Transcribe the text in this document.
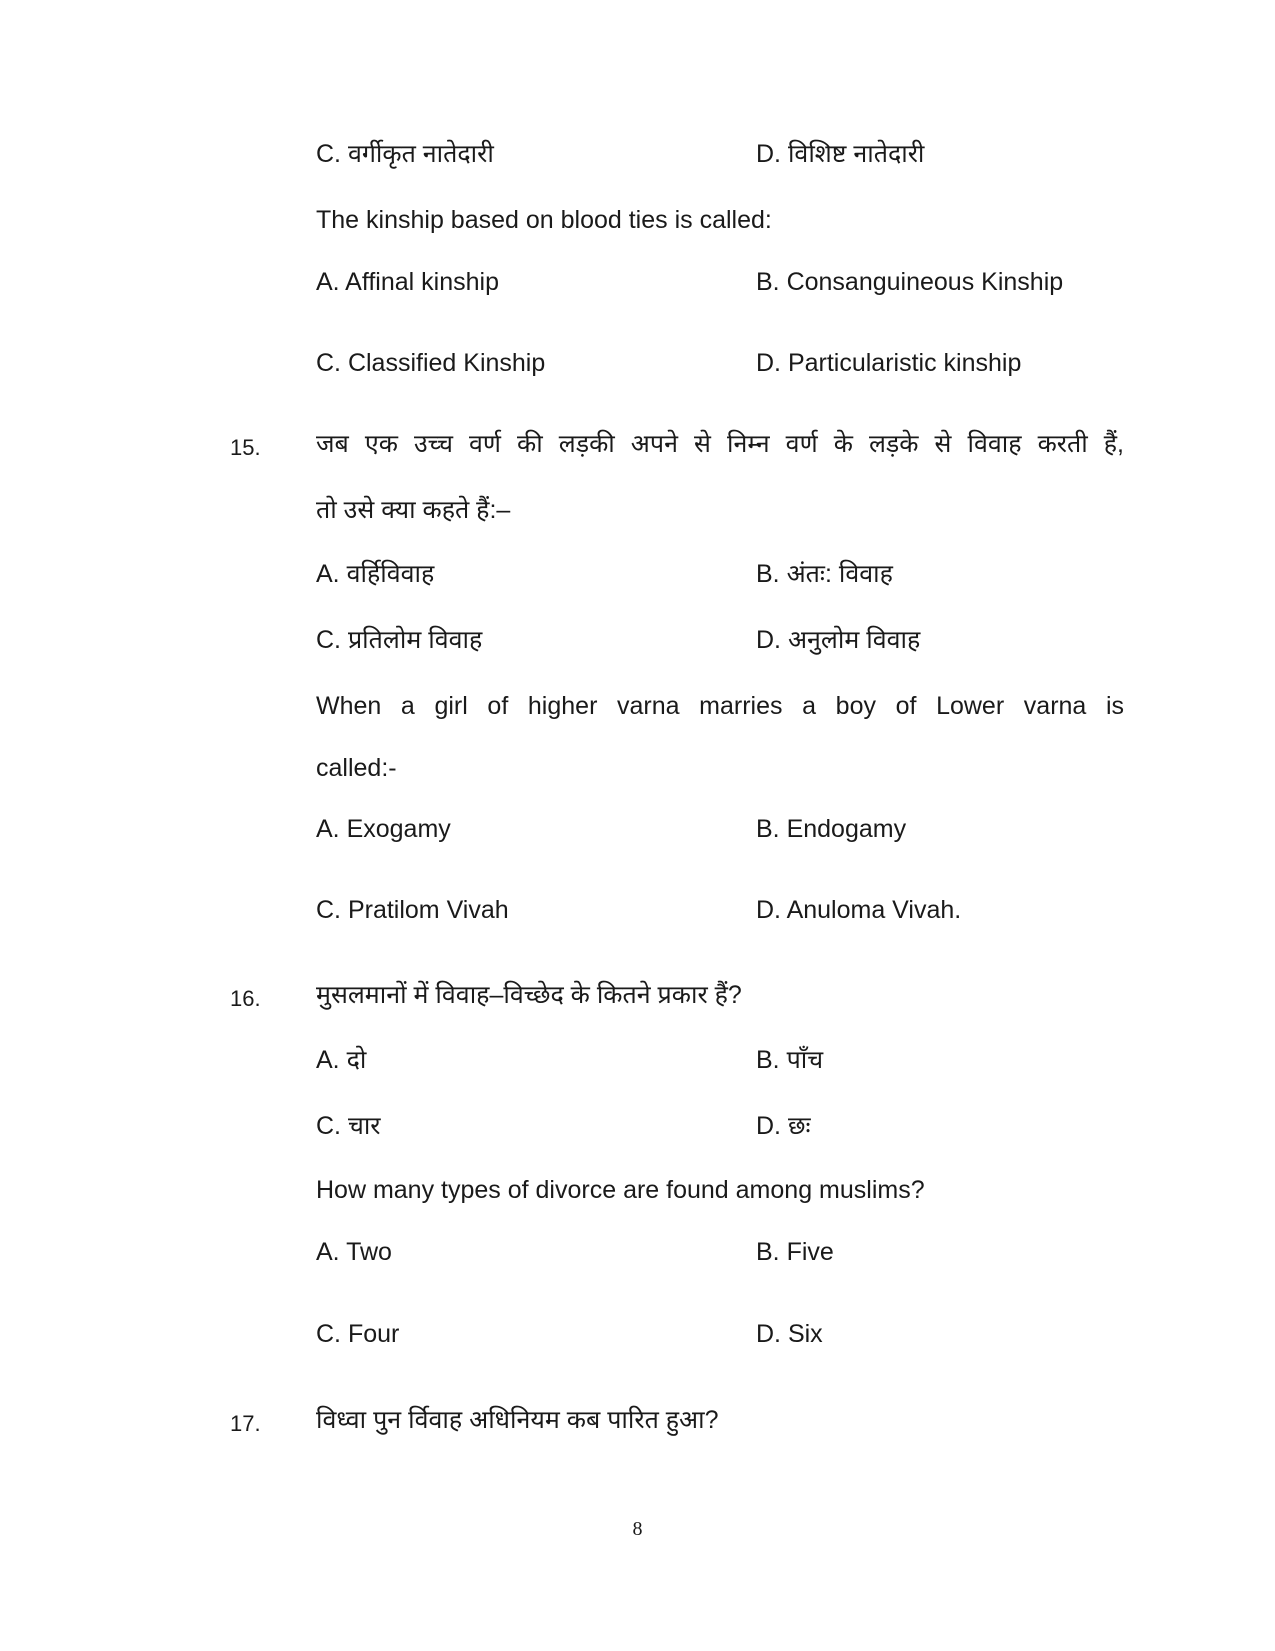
C. वर्गीकृत नातेदारी	D. विशिष्ट नातेदारी
The kinship based on blood ties is called:
A. Affinal kinship	B. Consanguineous Kinship
C. Classified Kinship	D. Particularistic kinship
15. जब एक उच्च वर्ण की लड़की अपने से निम्न वर्ण के लड़के से विवाह करती हैं,
तो उसे क्या कहते हैं:–
A. वर्हिविवाह	B. अंतः: विवाह
C. प्रतिलोम विवाह	D. अनुलोम विवाह
When a girl of higher varna marries a boy of Lower varna is
called:-
A. Exogamy	B. Endogamy
C. Pratilom Vivah	D. Anuloma Vivah.
16. मुसलमानों में विवाह–विच्छेद के कितने प्रकार हैं?
A. दो	B. पाँच
C. चार	D. छः
How many types of divorce are found among muslims?
A. Two	B. Five
C. Four	D. Six
17. विध्वा पुन र्विवाह अधिनियम कब पारित हुआ?
8
